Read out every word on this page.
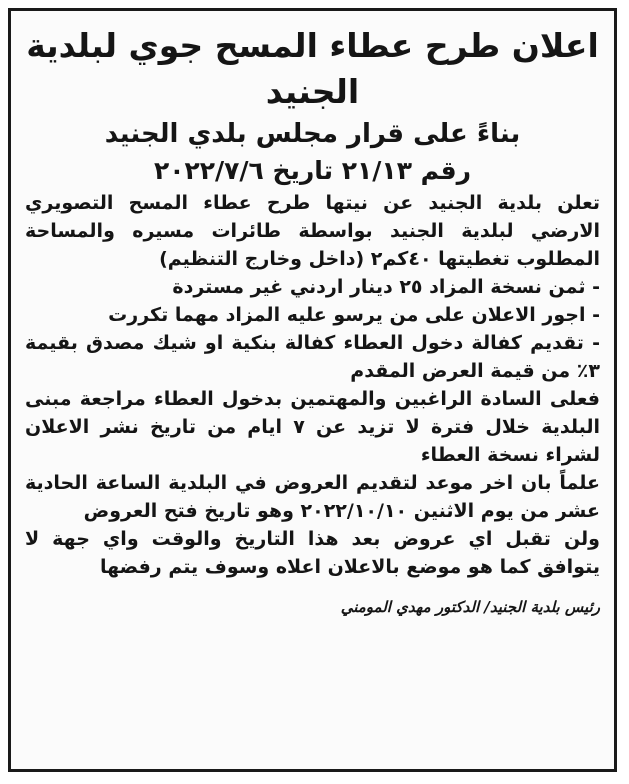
اعلان طرح عطاء المسح جوي لبلدية الجنيد

بناءً على قرار مجلس بلدي الجنيد

رقم ٢١/١٣ تاريخ ٢٠٢٢/٧/٦

تعلن بلدية الجنيد عن نيتها طرح عطاء المسح التصويري الارضي لبلدية الجنيد بواسطة طائرات مسيره والمساحة المطلوب تغطيتها ٤٠كم٢ (داخل وخارج التنظيم)

- ثمن نسخة المزاد ٢٥ دينار اردني غير مستردة

- اجور الاعلان على من يرسو عليه المزاد مهما تكررت

- تقديم كفالة دخول العطاء كفالة بنكية او شيك مصدق بقيمة ٣٪ من قيمة العرض المقدم

فعلى السادة الراغبين والمهتمين بدخول العطاء مراجعة مبنى البلدية خلال فترة لا تزيد عن ٧ ايام من تاريخ نشر الاعلان لشراء نسخة العطاء

علماً بان اخر موعد لتقديم العروض في البلدية الساعة الحادية عشر من يوم الاثنين ٢٠٢٢/١٠/١٠ وهو تاريخ فتح العروض

ولن تقبل اي عروض بعد هذا التاريخ والوقت واي جهة لا يتوافق كما هو موضع بالاعلان اعلاه وسوف يتم رفضها

رئيس بلدية الجنيد/ الدكتور مهدي المومني
